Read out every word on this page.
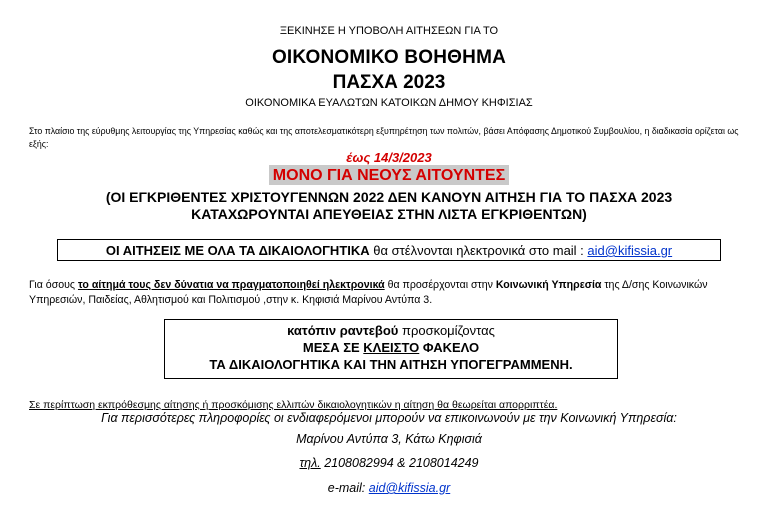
ΞΕΚΙΝΗΣΕ Η ΥΠΟΒΟΛΗ ΑΙΤΗΣΕΩΝ ΓΙΑ ΤΟ
ΟΙΚΟΝΟΜΙΚΟ ΒΟΗΘΗΜΑ
ΠΑΣΧΑ 2023
ΟΙΚΟΝΟΜΙΚΑ ΕΥΑΛΩΤΩΝ ΚΑΤΟΙΚΩΝ ΔΗΜΟΥ ΚΗΦΙΣΙΑΣ
Στο πλαίσιο της εύρυθμης λειτουργίας της Υπηρεσίας καθώς και της αποτελεσματικότερη εξυπηρέτηση των πολιτών, βάσει Απόφασης Δημοτικού Συμβουλίου, η διαδικασία ορίζεται ως εξής:
έως 14/3/2023
ΜΟΝΟ ΓΙΑ ΝΕΟΥΣ ΑΙΤΟΥΝΤΕΣ
(ΟΙ ΕΓΚΡΙΘΕΝΤΕΣ ΧΡΙΣΤΟΥΓΕΝΝΩΝ 2022 ΔΕΝ ΚΑΝΟΥΝ ΑΙΤΗΣΗ ΓΙΑ ΤΟ ΠΑΣΧΑ 2023
ΚΑΤΑΧΩΡΟΥΝΤΑΙ ΑΠΕΥΘΕΙΑΣ ΣΤΗΝ ΛΙΣΤΑ ΕΓΚΡΙΘΕΝΤΩΝ)
ΟΙ ΑΙΤΗΣΕΙΣ ΜΕ ΟΛΑ ΤΑ ΔΙΚΑΙΟΛΟΓΗΤΙΚΑ θα στέλνονται ηλεκτρονικά στο mail : aid@kifissia.gr
Για όσους το αίτημά τους δεν δύνατια να πραγματοποιηθεί ηλεκτρονικά θα προσέρχονται στην Κοινωνική Υπηρεσία της Δ/σης Κοινωνικών Υπηρεσιών, Παιδείας, Αθλητισμού και Πολιτισμού ,στην κ. Κηφισιά Μαρίνου Αντύπα 3.
κατόπιν ραντεβού προσκομίζοντας
ΜΕΣΑ ΣΕ ΚΛΕΙΣΤΟ ΦΑΚΕΛΟ
ΤΑ ΔΙΚΑΙΟΛΟΓΗΤΙΚΑ ΚΑΙ ΤΗΝ ΑΙΤΗΣΗ ΥΠΟΓΕΓΡΑΜΜΕΝΗ.
Σε περίπτωση εκπρόθεσμης αίτησης ή προσκόμισης ελλιπών δικαιολογητικών η αίτηση θα θεωρείται απορριπτέα.
Για περισσότερες πληροφορίες οι ενδιαφερόμενοι μπορούν να επικοινωνούν με την Κοινωνική Υπηρεσία:
Μαρίνου Αντύπα 3, Κάτω Κηφισιά
τηλ. 2108082994 & 2108014249
e-mail: aid@kifissia.gr
